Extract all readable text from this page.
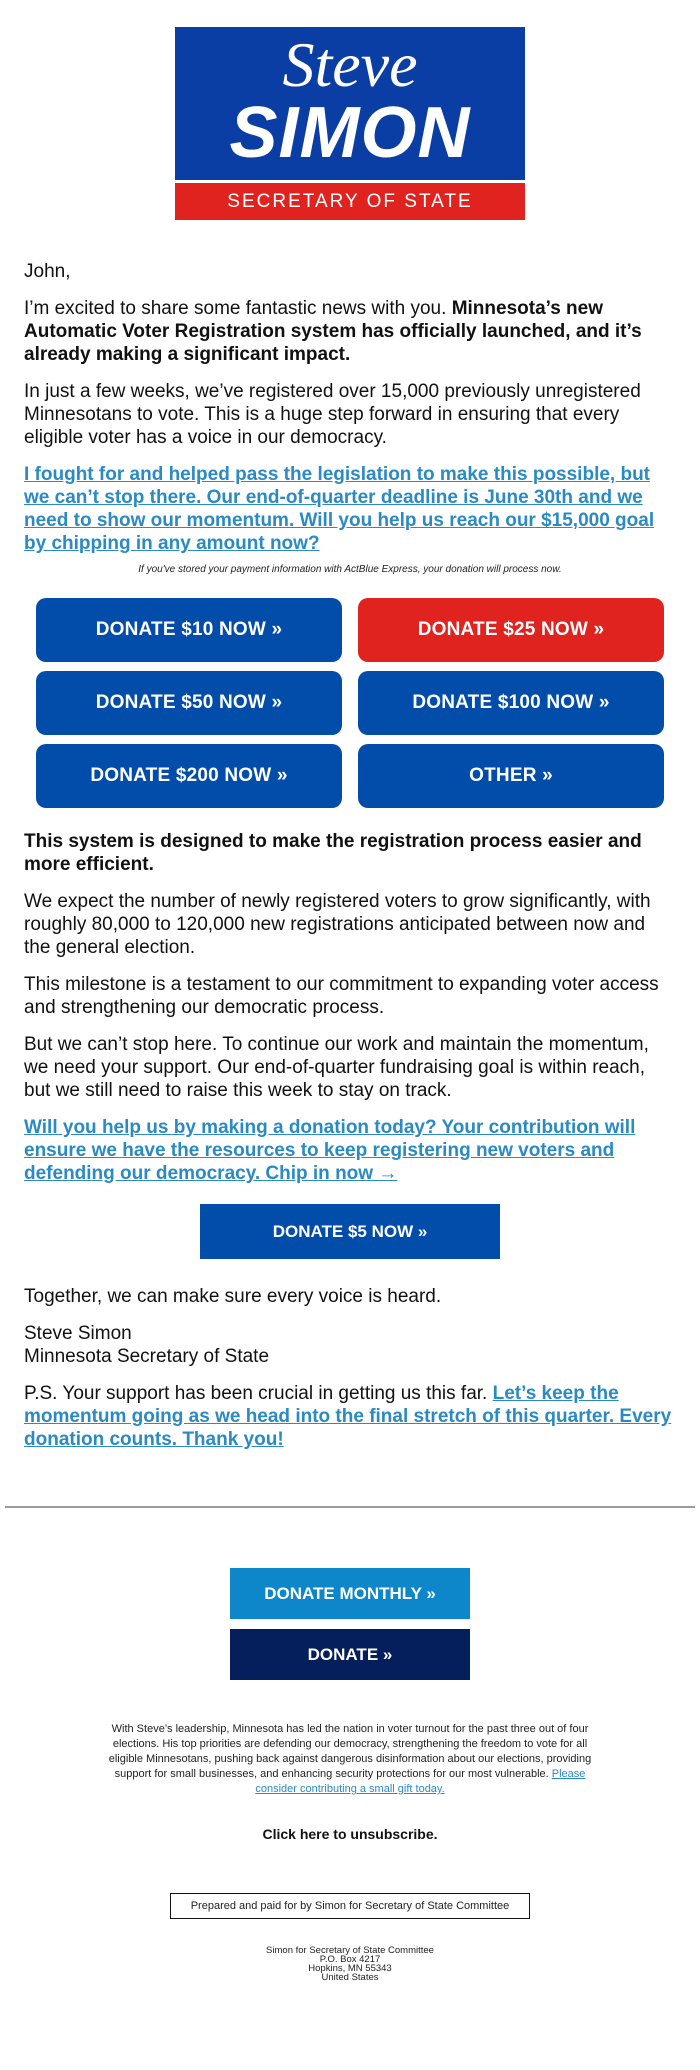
Steve
SIMON
SECRETARY OF STATE

John,

I’m excited to share some fantastic news with you. Minnesota’s new Automatic Voter Registration system has officially launched, and it’s already making a significant impact.

In just a few weeks, we’ve registered over 15,000 previously unregistered Minnesotans to vote. This is a huge step forward in ensuring that every eligible voter has a voice in our democracy.

I fought for and helped pass the legislation to make this possible, but we can’t stop there. Our end-of-quarter deadline is June 30th and we need to show our momentum. Will you help us reach our $15,000 goal by chipping in any amount now?

If you've stored your payment information with ActBlue Express, your donation will process now.

DONATE $10 NOW »	DONATE $25 NOW »
DONATE $50 NOW »	DONATE $100 NOW »
DONATE $200 NOW »	OTHER »

This system is designed to make the registration process easier and more efficient.

We expect the number of newly registered voters to grow significantly, with roughly 80,000 to 120,000 new registrations anticipated between now and the general election.

This milestone is a testament to our commitment to expanding voter access and strengthening our democratic process.

But we can’t stop here. To continue our work and maintain the momentum, we need your support. Our end-of-quarter fundraising goal is within reach, but we still need to raise this week to stay on track.

Will you help us by making a donation today? Your contribution will ensure we have the resources to keep registering new voters and defending our democracy. Chip in now →

DONATE $5 NOW »

Together, we can make sure every voice is heard.

Steve Simon
Minnesota Secretary of State

P.S. Your support has been crucial in getting us this far. Let’s keep the momentum going as we head into the final stretch of this quarter. Every donation counts. Thank you!

DONATE MONTHLY »
DONATE »
With Steve’s leadership, Minnesota has led the nation in voter turnout for the past three out of four elections. His top priorities are defending our democracy, strengthening the freedom to vote for all eligible Minnesotans, pushing back against dangerous disinformation about our elections, providing support for small businesses, and enhancing security protections for our most vulnerable. Please consider contributing a small gift today.
Click here to unsubscribe.
Prepared and paid for by Simon for Secretary of State Committee
Simon for Secretary of State Committee
P.O. Box 4217
Hopkins, MN 55343
United States
